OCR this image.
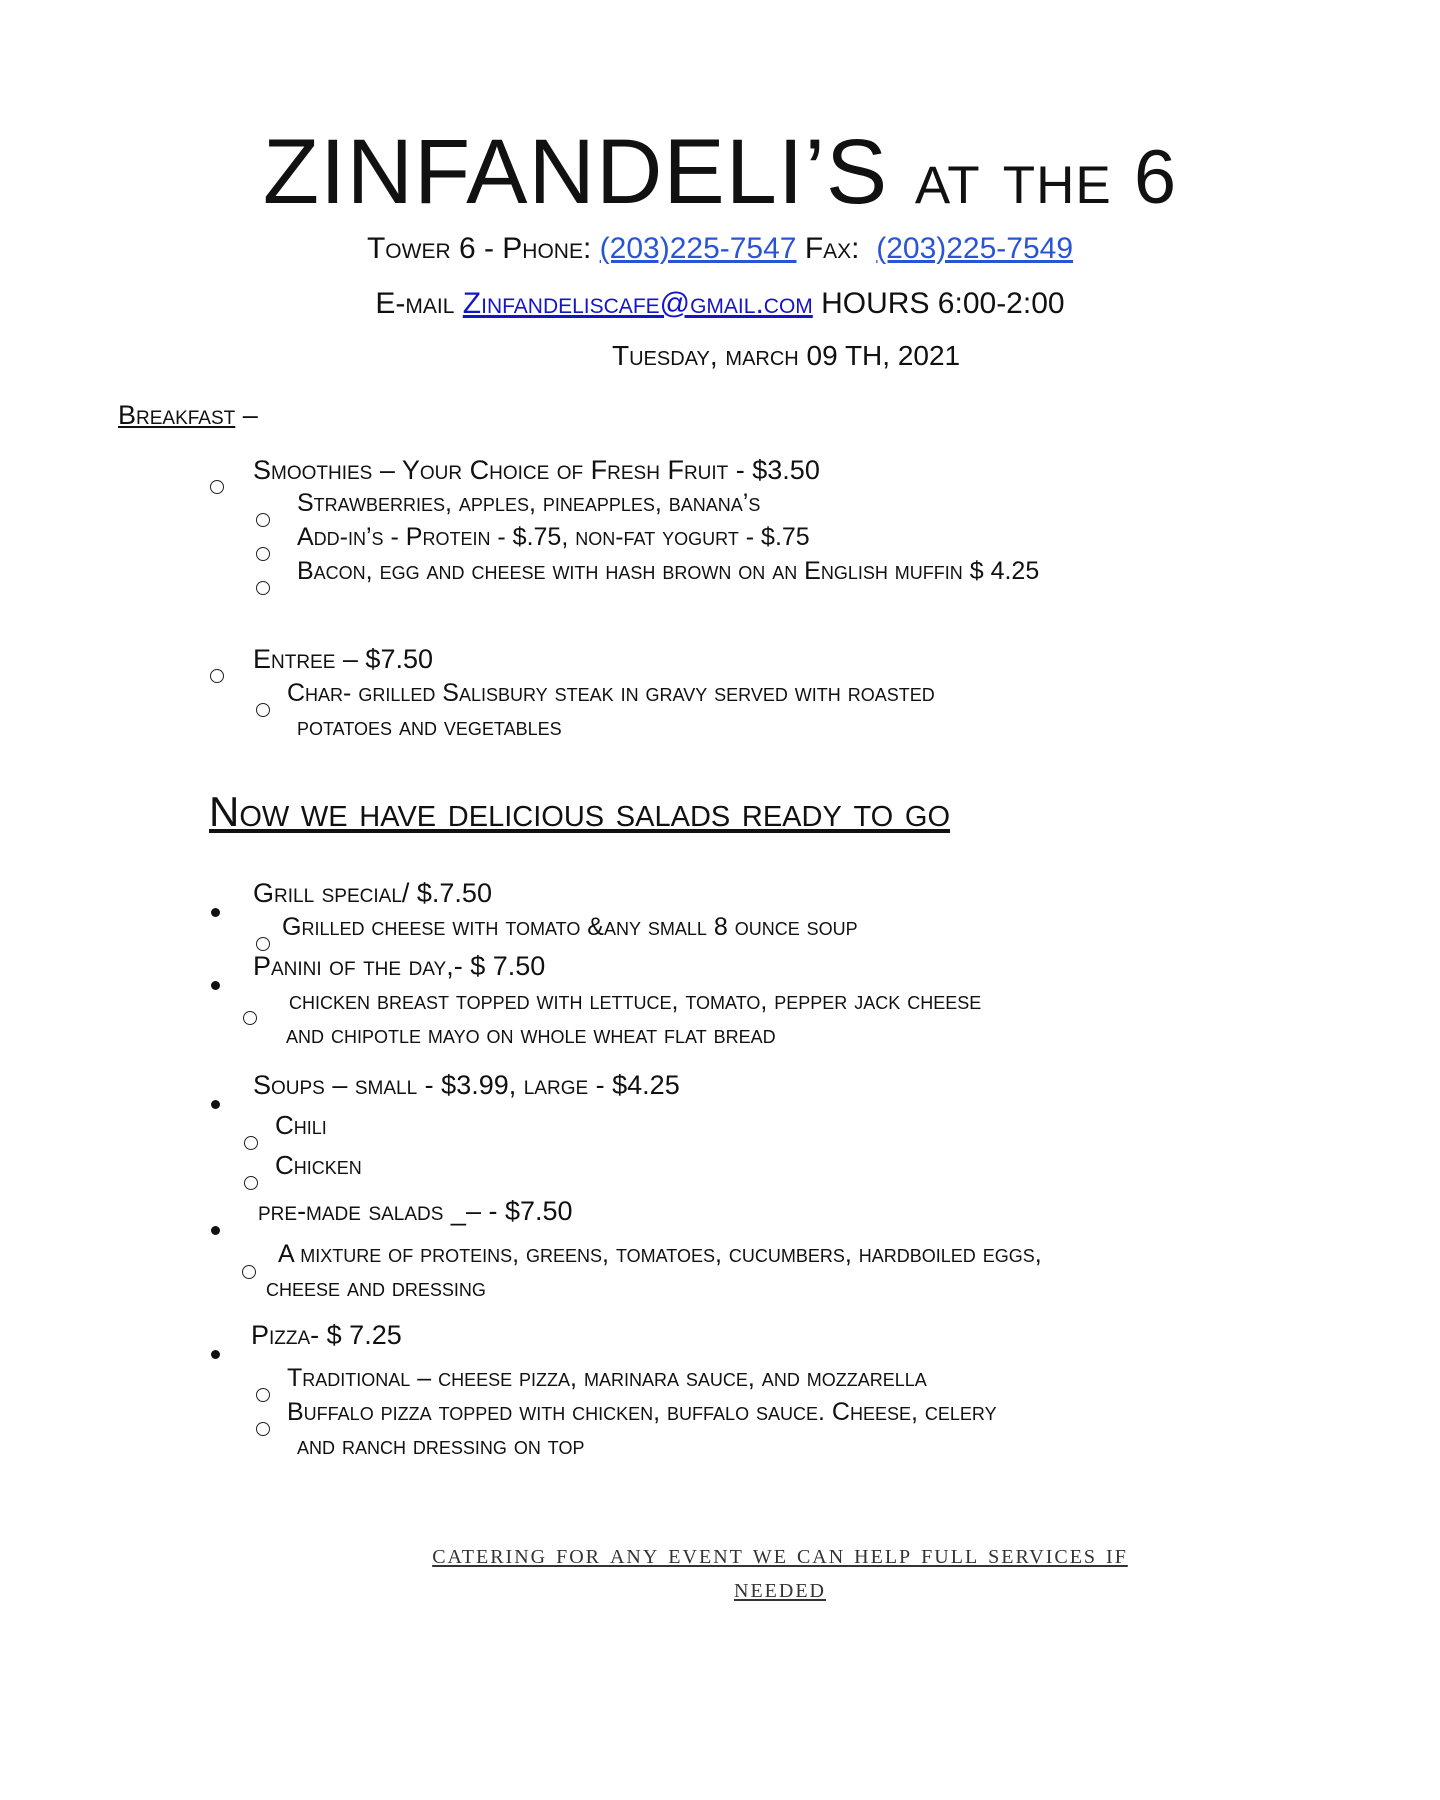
ZINFANDELI’S at the 6
Tower 6 - Phone: (203)225-7547 Fax: (203)225-7549
E-mail Zinfandeliscafe@gmail.com HOURS 6:00-2:00
Tuesday, march 09 TH, 2021
Breakfast –
Smoothies – Your Choice of Fresh Fruit - $3.50
Strawberries, apples, pineapples, banana’s
Add-in’s - Protein - $.75, non-fat yogurt - $.75
Bacon, egg and cheese with hash brown on an English muffin $ 4.25
Entree – $7.50
Char- grilled Salisbury steak in gravy served with roasted
potatoes and vegetables
Now we have delicious salads ready to go
Grill special/ $.7.50
Grilled cheese with tomato &any small 8 ounce soup
Panini of the day,- $ 7.50
chicken breast topped with lettuce, tomato, pepper jack cheese
and chipotle mayo on whole wheat flat bread
Soups – small - $3.99, large - $4.25
Chili
Chicken
pre-made salads _– - $7.50
A mixture of proteins, greens, tomatoes, cucumbers, hardboiled eggs,
cheese and dressing
Pizza- $ 7.25
Traditional – cheese pizza, marinara sauce, and mozzarella
Buffalo pizza topped with chicken, buffalo sauce. Cheese, celery
and ranch dressing on top
catering for any event we can help full services if
needed
